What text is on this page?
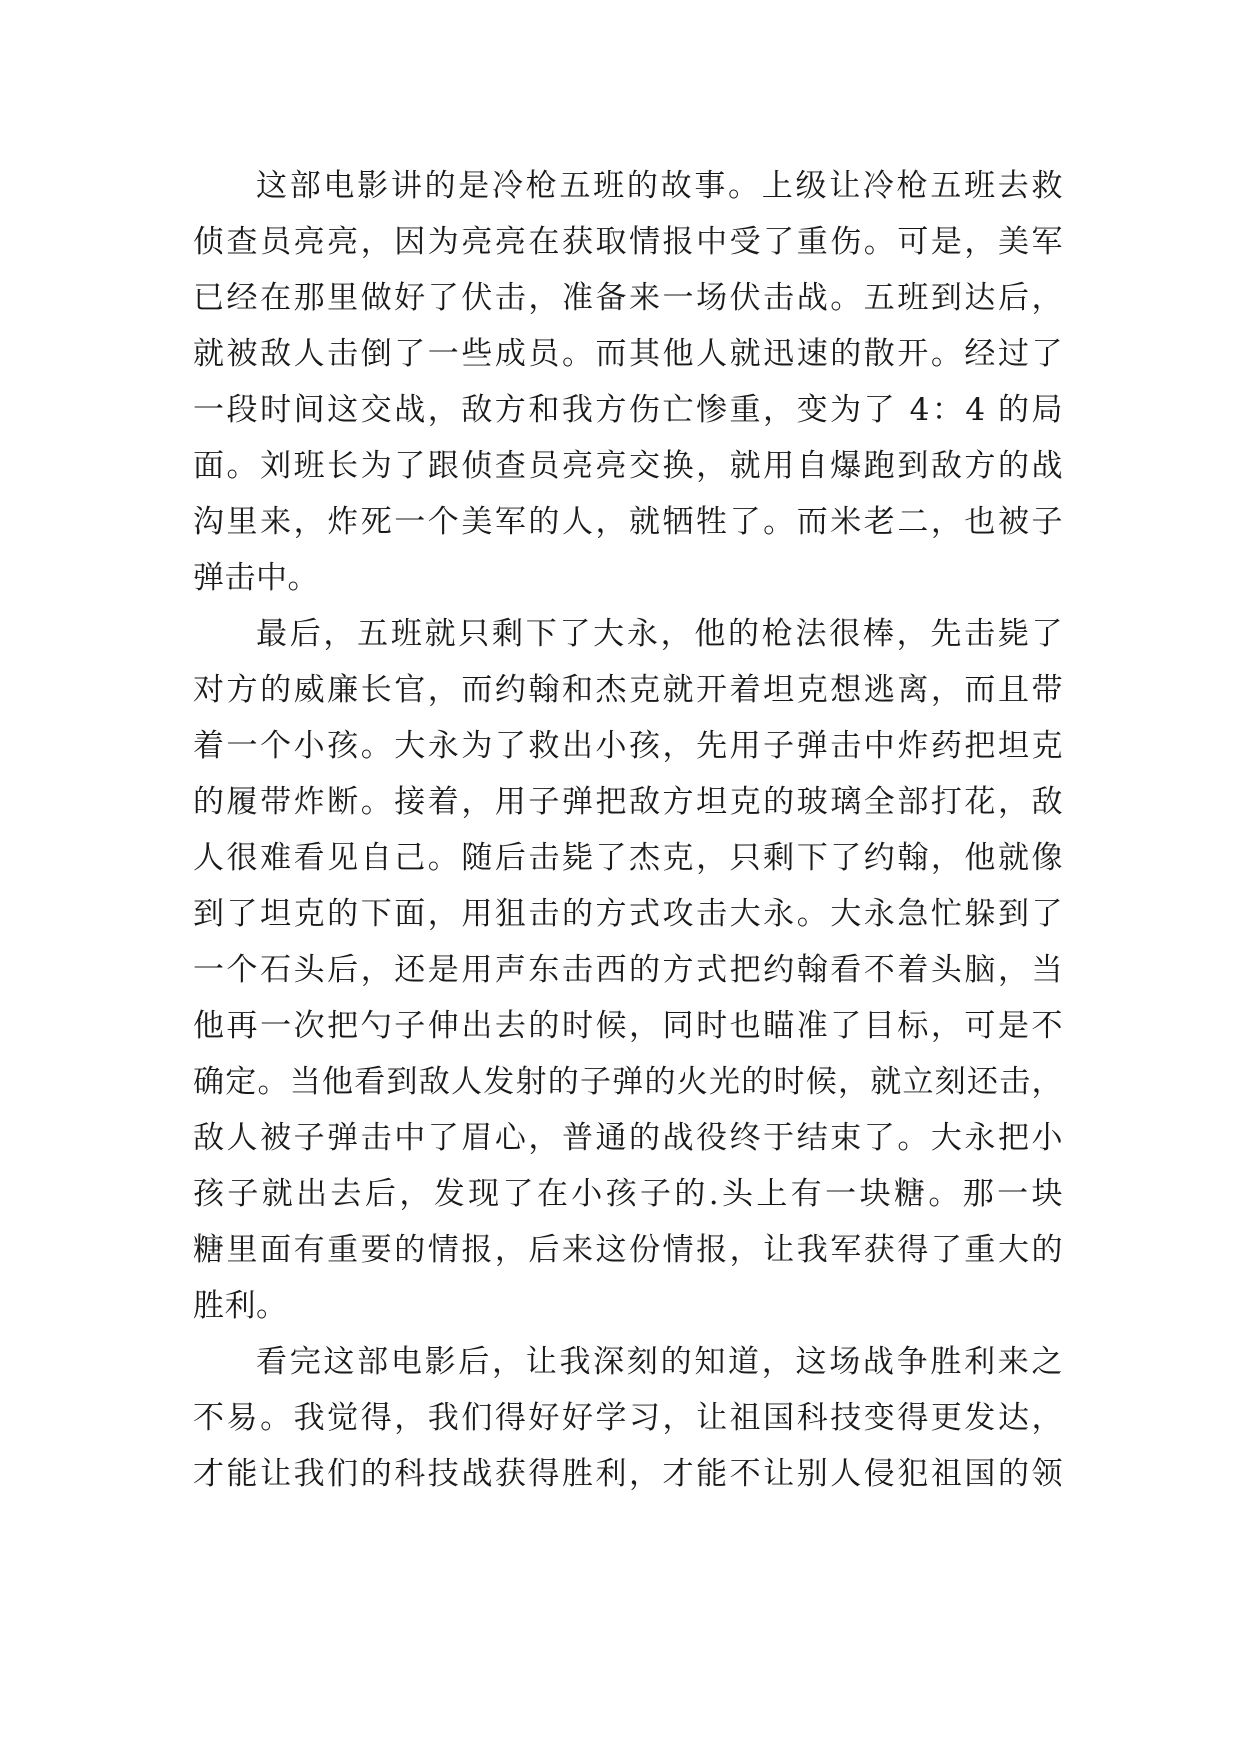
这部电影讲的是冷枪五班的故事。上级让冷枪五班去救
侦查员亮亮，因为亮亮在获取情报中受了重伤。可是，美军
已经在那里做好了伏击，准备来一场伏击战。五班到达后，
就被敌人击倒了一些成员。而其他人就迅速的散开。经过了
一段时间这交战，敌方和我方伤亡惨重，变为了 4：4 的局
面。刘班长为了跟侦查员亮亮交换，就用自爆跑到敌方的战
沟里来，炸死一个美军的人，就牺牲了。而米老二，也被子
弹击中。
最后，五班就只剩下了大永，他的枪法很棒，先击毙了
对方的威廉长官，而约翰和杰克就开着坦克想逃离，而且带
着一个小孩。大永为了救出小孩，先用子弹击中炸药把坦克
的履带炸断。接着，用子弹把敌方坦克的玻璃全部打花，敌
人很难看见自己。随后击毙了杰克，只剩下了约翰，他就像
到了坦克的下面，用狙击的方式攻击大永。大永急忙躲到了
一个石头后，还是用声东击西的方式把约翰看不着头脑，当
他再一次把勺子伸出去的时候，同时也瞄准了目标，可是不
确定。当他看到敌人发射的子弹的火光的时候，就立刻还击，
敌人被子弹击中了眉心，普通的战役终于结束了。大永把小
孩子就出去后，发现了在小孩子的.头上有一块糖。那一块
糖里面有重要的情报，后来这份情报，让我军获得了重大的
胜利。
看完这部电影后，让我深刻的知道，这场战争胜利来之
不易。我觉得，我们得好好学习，让祖国科技变得更发达，
才能让我们的科技战获得胜利，才能不让别人侵犯祖国的领
